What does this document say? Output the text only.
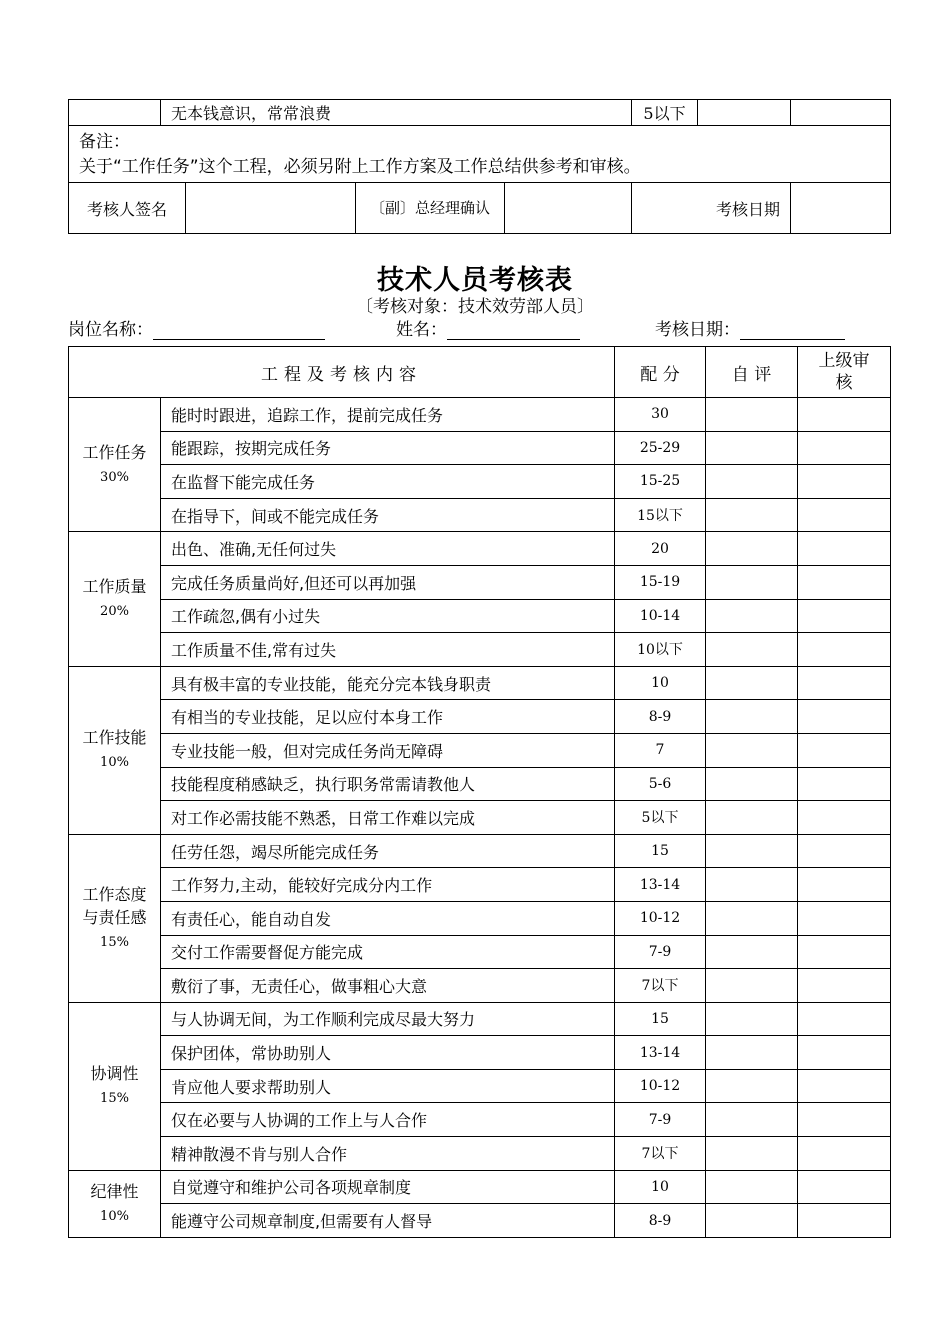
	无本钱意识，常常浪费				5以下		

备注：
关于“工作任务”这个工程，必须另附上工作方案及工作总结供参考和审核。							

考核人签名			〔副〕总经理确认		考核日期		
技术人员考核表
〔考核对象：技术效劳部人员〕
岗位名称：	姓名：	考核日期：
工程及考核内容		配 分	自 评	上级审核
工作任务
30%	能时时跟进，追踪工作，提前完成任务	30		
	能跟踪，按期完成任务	25-29		
	在监督下能完成任务	15-25		
	在指导下，间或不能完成任务	15以下		
工作质量
20%	出色、准确,无任何过失	20		
	完成任务质量尚好,但还可以再加强	15-19		
	工作疏忽,偶有小过失	10-14		
	工作质量不佳,常有过失	10以下		
工作技能
10%	具有极丰富的专业技能，能充分完本钱身职责	10		
	有相当的专业技能，足以应付本身工作	8-9		
	专业技能一般，但对完成任务尚无障碍	7		
	技能程度稍感缺乏，执行职务常需请教他人	5-6		
	对工作必需技能不熟悉，日常工作难以完成	5以下		
工作态度与责任感
15%	任劳任怨，竭尽所能完成任务	15		
	工作努力,主动，能较好完成分内工作	13-14		
	有责任心，能自动自发	10-12		
	交付工作需要督促方能完成	7-9		
	敷衍了事，无责任心，做事粗心大意	7以下		
协调性
15%	与人协调无间，为工作顺利完成尽最大努力	15		
	保护团体，常协助别人	13-14		
	肯应他人要求帮助别人	10-12		
	仅在必要与人协调的工作上与人合作	7-9		
	精神散漫不肯与别人合作	7以下		
纪律性
10%	自觉遵守和维护公司各项规章制度	10		
	能遵守公司规章制度,但需要有人督导	8-9		
